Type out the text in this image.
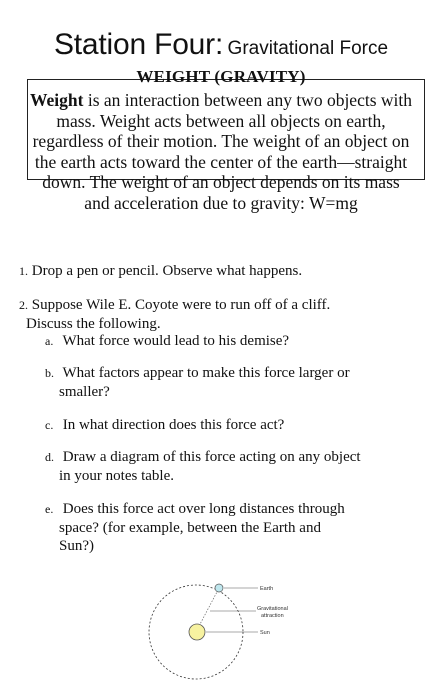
Station Four: Gravitational Force
WEIGHT (GRAVITY)
Weight is an interaction between any two objects with mass. Weight acts between all objects on earth, regardless of their motion. The weight of an object on the earth acts toward the center of the earth—straight down. The weight of an object depends on its mass and acceleration due to gravity: W=mg
1. Drop a pen or pencil. Observe what happens.
2. Suppose Wile E. Coyote were to run off of a cliff.
Discuss the following.
a. What force would lead to his demise?
b. What factors appear to make this force larger or
smaller?
c. In what direction does this force act?
d. Draw a diagram of this force acting on any object
in your notes table.
e. Does this force act over long distances through
space? (for example, between the Earth and
Sun?)
Earth
Gravitational
attraction
Sun
